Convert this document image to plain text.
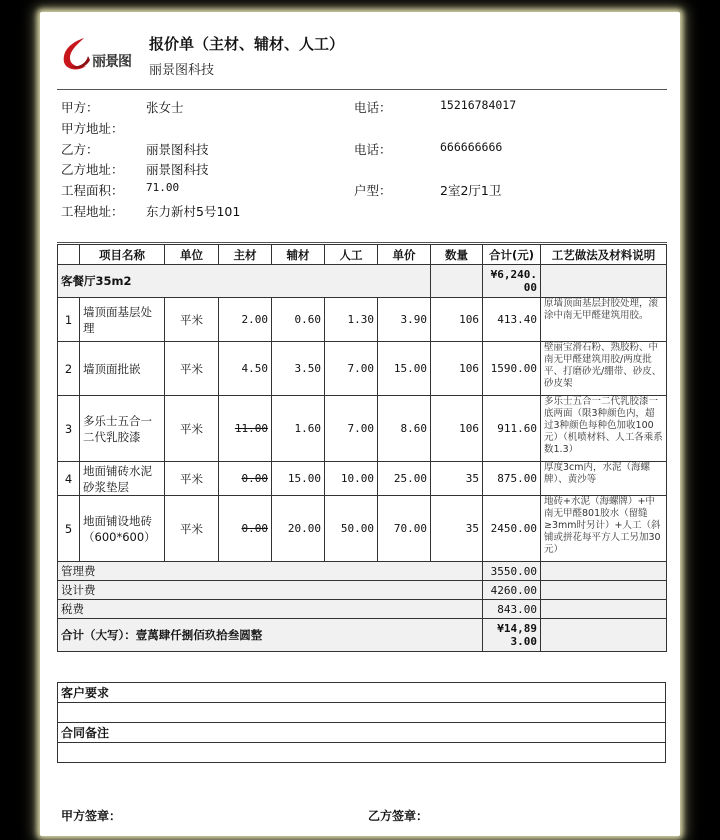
丽景图
报价单（主材、辅材、人工）
丽景图科技
甲方：	张女士	电话：	15216784017
甲方地址：
乙方：	丽景图科技	电话：	666666666
乙方地址： 丽景图科技
工程面积： 71.00	户型：	2室2厅1卫
工程地址： 东力新村5号101
	项目名称	单位	主材	辅材	人工	单价	数量	合计(元)	工艺做法及材料说明
客餐厅35m2								¥6,240.00	
1	墙顶面基层处理	平米	2.00	0.60	1.30	3.90	106	413.40	原墙顶面基层封胶处理，滚涂中南无甲醛建筑用胶。
2	墙顶面批嵌	平米	4.50	3.50	7.00	15.00	106	1590.00	壁丽宝滑石粉、熟胶粉、中南无甲醛建筑用胶/两度批平、打磨砂光/绷带、砂皮、砂皮架
3	多乐士五合一二代乳胶漆	平米	11.00	1.60	7.00	8.60	106	911.60	多乐士五合一二代乳胶漆一底两面（限3种颜色内，超过3种颜色每种色加收100元）（机喷材料、人工各乘系数1.3）
4	地面铺砖水泥砂浆垫层	平米	0.00	15.00	10.00	25.00	35	875.00	厚度3cm内，水泥（海螺牌）、黄沙等
5	地面铺设地砖（600*600）	平米	0.00	20.00	50.00	70.00	35	2450.00	地砖+水泥（海螺牌）+中南无甲醛801胶水（留缝≥3mm时另计）+人工（斜铺或拼花每平方人工另加30元）
管理费								3550.00	
设计费								4260.00	
税费								843.00	
合计（大写）：壹萬肆仟捌佰玖拾叁圆整								¥14,893.00	
客户要求

合同备注

甲方签章：	乙方签章：
